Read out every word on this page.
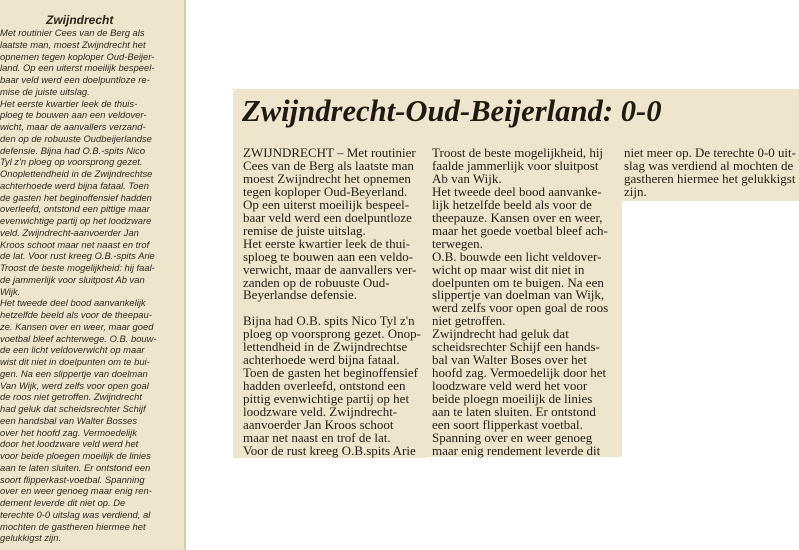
Zwijndrecht
Met routinier Cees van de Berg als
laatste man, moest Zwijndrecht het
opnemen tegen koploper Oud-Beijer-
land. Op een uiterst moeilijk bespeel-
baar veld werd een doelpuntloze re-
mise de juiste uitslag.
Het eerste kwartier leek de thuis-
ploeg te bouwen aan een veldover-
wicht, maar de aanvallers verzand-
den op de robuuste Oudbeijerlandse
defensie. Bijna had O.B.-spits Nico
Tyl z'n ploeg op voorsprong gezet.
Onoplettendheid in de Zwijndrechtse
achterhoede werd bijna fataal. Toen
de gasten het beginoffensief hadden
overleefd, ontstond een pittige maar
evenwichtige partij op het loodzware
veld. Zwijndrecht-aanvoerder Jan
Kroos schoot maar net naast en trof
de lat. Voor rust kreeg O.B.-spits Arie
Troost de beste mogelijkheid: hij faal-
de jammerlijk voor sluitpost Ab van
Wijk.
Het tweede deel bood aanvankelijk
hetzelfde beeld als voor de theepau-
ze. Kansen over en weer, maar goed
voetbal bleef achterwege. O.B. bouw-
de een licht veldoverwicht op maar
wist dit niet in doelpunten om te bui-
gen. Na een slippertje van doelman
Van Wijk, werd zelfs voor open goal
de roos niet getroffen. Zwijndrecht
had geluk dat scheidsrechter Schijf
een handsbal van Walter Bosses
over het hoofd zag. Vermoedelijk
door het loodzware veld werd het
voor beide ploegen moeilijk de linies
aan te laten sluiten. Er ontstond een
soort flipperkast-voetbal. Spanning
over en weer genoeg maar enig ren-
dement leverde dit niet op. De
terechte 0-0 uitslag was verdiend, al
mochten de gastheren hiermee het
gelukkigst zijn.
Zwijndrecht-Oud-Beijerland: 0-0
ZWIJNDRECHT – Met routinier
Cees van de Berg als laatste man
moest Zwijndrecht het opnemen
tegen koploper Oud-Beyerland.
Op een uiterst moeilijk bespeel-
baar veld werd een doelpuntloze
remise de juiste uitslag.
Het eerste kwartier leek de thui-
sploeg te bouwen aan een veldo-
verwicht, maar de aanvallers ver-
zanden op de robuuste Oud-
Beyerlandse defensie.
Bijna had O.B. spits Nico Tyl z'n
ploeg op voorsprong gezet. Onop-
lettendheid in de Zwijndrechtse
achterhoede werd bijna fataal.
Toen de gasten het beginoffensief
hadden overleefd, ontstond een
pittig evenwichtige partij op het
loodzware veld. Zwijndrecht-
aanvoerder Jan Kroos schoot
maar net naast en trof de lat.
Voor de rust kreeg O.B.spits Arie
Troost de beste mogelijkheid, hij
faalde jammerlijk voor sluitpost
Ab van Wijk.
Het tweede deel bood aanvanke-
lijk hetzelfde beeld als voor de
theepauze. Kansen over en weer,
maar het goede voetbal bleef ach-
terwegen.
O.B. bouwde een licht veldover-
wicht op maar wist dit niet in
doelpunten om te buigen. Na een
slippertje van doelman van Wijk,
werd zelfs voor open goal de roos
niet getroffen.
Zwijndrecht had geluk dat
scheidsrechter Schijf een hands-
bal van Walter Boses over het
hoofd zag. Vermoedelijk door het
loodzware veld werd het voor
beide ploegn moeilijk de linies
aan te laten sluiten. Er ontstond
een soort flipperkast voetbal.
Spanning over en weer genoeg
maar enig rendement leverde dit
niet meer op. De terechte 0-0 uit-
slag was verdiend al mochten de
gastheren hiermee het gelukkigst
zijn.
